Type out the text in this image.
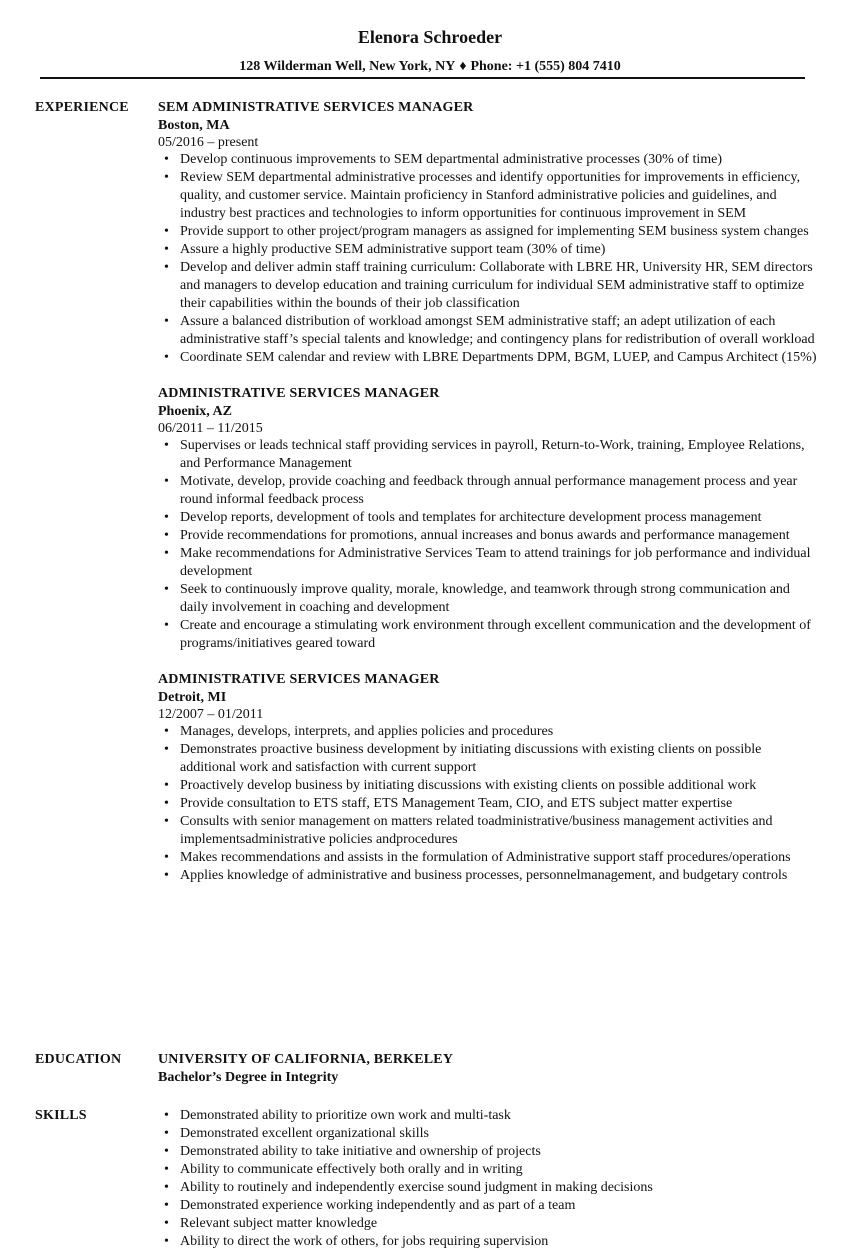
Elenora Schroeder
128 Wilderman Well, New York, NY ♦ Phone: +1 (555) 804 7410
EXPERIENCE SEM ADMINISTRATIVE SERVICES MANAGER
Boston, MA
05/2016 – present
• Develop continuous improvements to SEM departmental administrative processes (30% of time)
• Review SEM departmental administrative processes and identify opportunities for improvements in efficiency, quality, and customer service. Maintain proficiency in Stanford administrative policies and guidelines, and industry best practices and technologies to inform opportunities for continuous improvement in SEM
• Provide support to other project/program managers as assigned for implementing SEM business system changes
• Assure a highly productive SEM administrative support team (30% of time)
• Develop and deliver admin staff training curriculum: Collaborate with LBRE HR, University HR, SEM directors and managers to develop education and training curriculum for individual SEM administrative staff to optimize their capabilities within the bounds of their job classification
• Assure a balanced distribution of workload amongst SEM administrative staff; an adept utilization of each administrative staff’s special talents and knowledge; and contingency plans for redistribution of overall workload
• Coordinate SEM calendar and review with LBRE Departments DPM, BGM, LUEP, and Campus Architect (15%)
ADMINISTRATIVE SERVICES MANAGER
Phoenix, AZ
06/2011 – 11/2015
• Supervises or leads technical staff providing services in payroll, Return-to-Work, training, Employee Relations, and Performance Management
• Motivate, develop, provide coaching and feedback through annual performance management process and year round informal feedback process
• Develop reports, development of tools and templates for architecture development process management
• Provide recommendations for promotions, annual increases and bonus awards and performance management
• Make recommendations for Administrative Services Team to attend trainings for job performance and individual development
• Seek to continuously improve quality, morale, knowledge, and teamwork through strong communication and daily involvement in coaching and development
• Create and encourage a stimulating work environment through excellent communication and the development of programs/initiatives geared toward
ADMINISTRATIVE SERVICES MANAGER
Detroit, MI
12/2007 – 01/2011
• Manages, develops, interprets, and applies policies and procedures
• Demonstrates proactive business development by initiating discussions with existing clients on possible additional work and satisfaction with current support
• Proactively develop business by initiating discussions with existing clients on possible additional work
• Provide consultation to ETS staff, ETS Management Team, CIO, and ETS subject matter expertise
• Consults with senior management on matters related toadministrative/business management activities and implementsadministrative policies andprocedures
• Makes recommendations and assists in the formulation of Administrative support staff procedures/operations
• Applies knowledge of administrative and business processes, personnelmanagement, and budgetary controls
EDUCATION	UNIVERSITY OF CALIFORNIA, BERKELEY
Bachelor’s Degree in Integrity
SKILLS
•	Demonstrated ability to prioritize own work and multi-task
• Demonstrated excellent organizational skills
• Demonstrated ability to take initiative and ownership of projects
• Ability to communicate effectively both orally and in writing
• Ability to routinely and independently exercise sound judgment in making decisions
• Demonstrated experience working independently and as part of a team
• Relevant subject matter knowledge
• Ability to direct the work of others, for jobs requiring supervision
